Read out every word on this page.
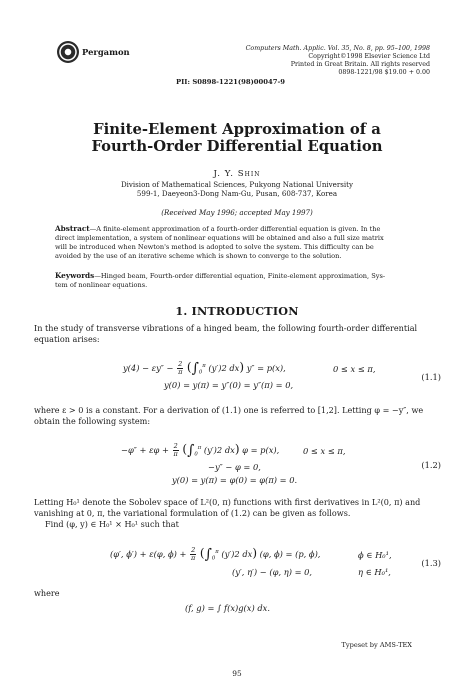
Pergamon	Computers Math. Applic. Vol. 35, No. 8, pp. 95–100, 1998
Copyright©1998 Elsevier Science Ltd
Printed in Great Britain. All rights reserved
0898-1221/98 $19.00 + 0.00
PII: S0898-1221(98)00047-9
Finite-Element Approximation of a
Fourth-Order Differential Equation
J. Y. Shin
Division of Mathematical Sciences, Pukyong National University
599-1, Daeyeon3-Dong Nam-Gu, Pusan, 608-737, Korea
(Received May 1996; accepted May 1997)
Abstract—A finite-element approximation of a fourth-order differential equation is given. In the
direct implementation, a system of nonlinear equations will be obtained and also a full size matrix
will be introduced when Newton's method is adopted to solve the system. This difficulty can be
avoided by the use of an iterative scheme which is shown to converge to the solution.
Keywords—Hinged beam, Fourth-order differential equation, Finite-element approximation, Sys-
tem of nonlinear equations.
1. INTRODUCTION
In the study of transverse vibrations of a hinged beam, the following fourth-order differential
equation arises:
$y(4) - \varepsilon y'' - \frac{2}{\pi} (\int_0^\pi$ (y′)2 dx) y″ = p(x),	0 ≤ x ≤ π,
y(0) = y(π) = y″(0) = y″(π) = 0,
(1.1)
where ε > 0 is a constant. For a derivation of (1.1) one is referred to [1,2]. Letting φ = −y″, we
obtain the following system:
$-\varphi'' + \varepsilon\varphi + \frac{2}{\pi} (\int_0^\pi$ (y′)2 dx) φ = p(x),	0 ≤ x ≤ π,
−y″ − φ = 0,
y(0) = y(π) = φ(0) = φ(π) = 0.
(1.2)
Letting H₀¹ denote the Sobolev space of L²(0, π) functions with first derivatives in L²(0, π) and
vanishing at 0, π, the variational formulation of (1.2) can be given as follows.
Find (φ, y) ∈ H₀¹ × H₀¹ such that
(φ′, ϕ′) + ε(φ, $\phi) + \frac{2}{\pi} (\int_0^\pi$ (y′)2 dx) (φ, ϕ) = (p, ϕ),	ϕ ∈ H₀¹,
(y′, η′) − (φ, η) = 0,	η ∈ H₀¹,
(1.3)
where
(f, g) = ∫ f(x)g(x) dx.
Typeset by AMS-TEX
95
